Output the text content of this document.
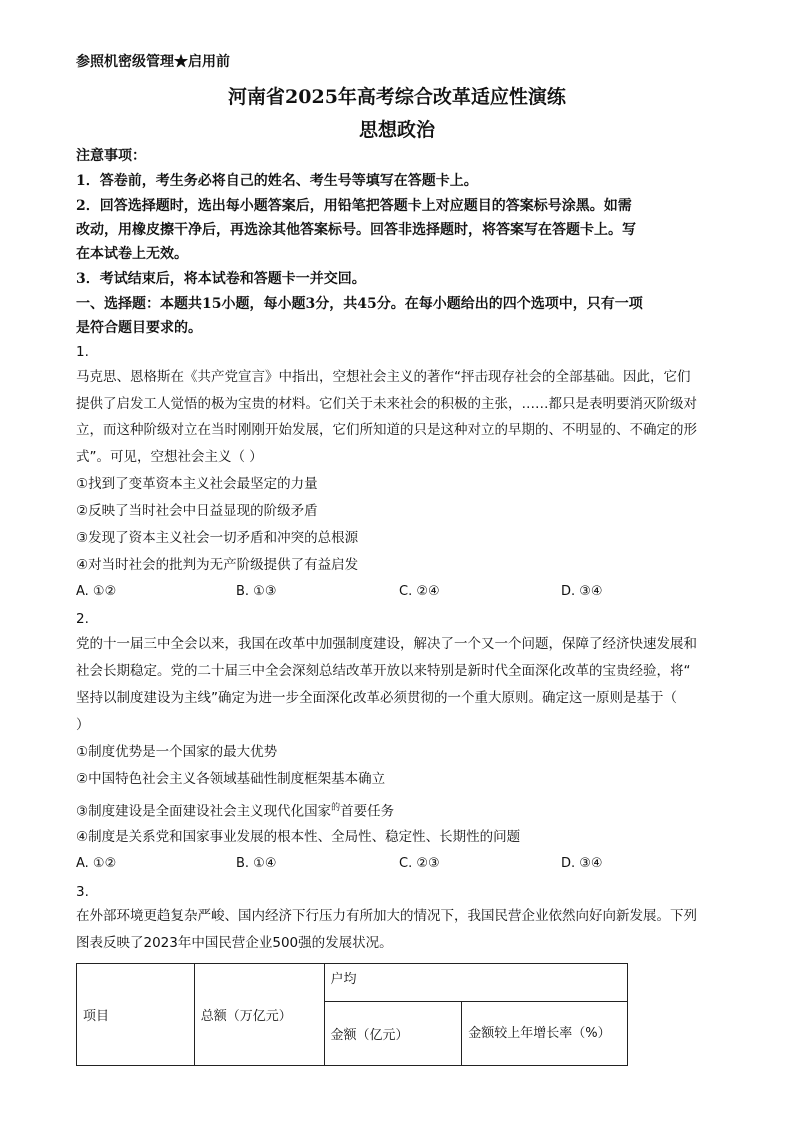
参照机密级管理★启用前
河南省2025年高考综合改革适应性演练
思想政治
注意事项：
1．答卷前，考生务必将自己的姓名、考生号等填写在答题卡上。
2．回答选择题时，选出每小题答案后，用铅笔把答题卡上对应题目的答案标号涂黑。如需
改动，用橡皮擦干净后，再选涂其他答案标号。回答非选择题时，将答案写在答题卡上。写
在本试卷上无效。
3．考试结束后，将本试卷和答题卡一并交回。
一、选择题：本题共15小题，每小题3分，共45分。在每小题给出的四个选项中，只有一项
是符合题目要求的。
1.
马克思、恩格斯在《共产党宣言》中指出，空想社会主义的著作“抨击现存社会的全部基础。因此，它们
提供了启发工人觉悟的极为宝贵的材料。它们关于未来社会的积极的主张，……都只是表明要消灭阶级对
立，而这种阶级对立在当时刚刚开始发展，它们所知道的只是这种对立的早期的、不明显的、不确定的形
式”。可见，空想社会主义（ ）
①找到了变革资本主义社会最坚定的力量
②反映了当时社会中日益显现的阶级矛盾
③发现了资本主义社会一切矛盾和冲突的总根源
④对当时社会的批判为无产阶级提供了有益启发
A. ①②	B. ①③	C. ②④	D. ③④
2.
党的十一届三中全会以来，我国在改革中加强制度建设，解决了一个又一个问题，保障了经济快速发展和
社会长期稳定。党的二十届三中全会深刻总结改革开放以来特别是新时代全面深化改革的宝贵经验，将“
坚持以制度建设为主线”确定为进一步全面深化改革必须贯彻的一个重大原则。确定这一原则是基于（
）
①制度优势是一个国家的最大优势
②中国特色社会主义各领域基础性制度框架基本确立
③制度建设是全面建设社会主义现代化国家$^的$首要任务
④制度是关系党和国家事业发展的根本性、全局性、稳定性、长期性的问题
A. ①②	B. ①④	C. ②③	D. ③④
3.
在外部环境更趋复杂严峻、国内经济下行压力有所加大的情况下，我国民营企业依然向好向新发展。下列
图表反映了2023年中国民营企业500强的发展状况。
项目	总额（万亿元）	户均	
		金额（亿元）	金额较上年增长率（%）
